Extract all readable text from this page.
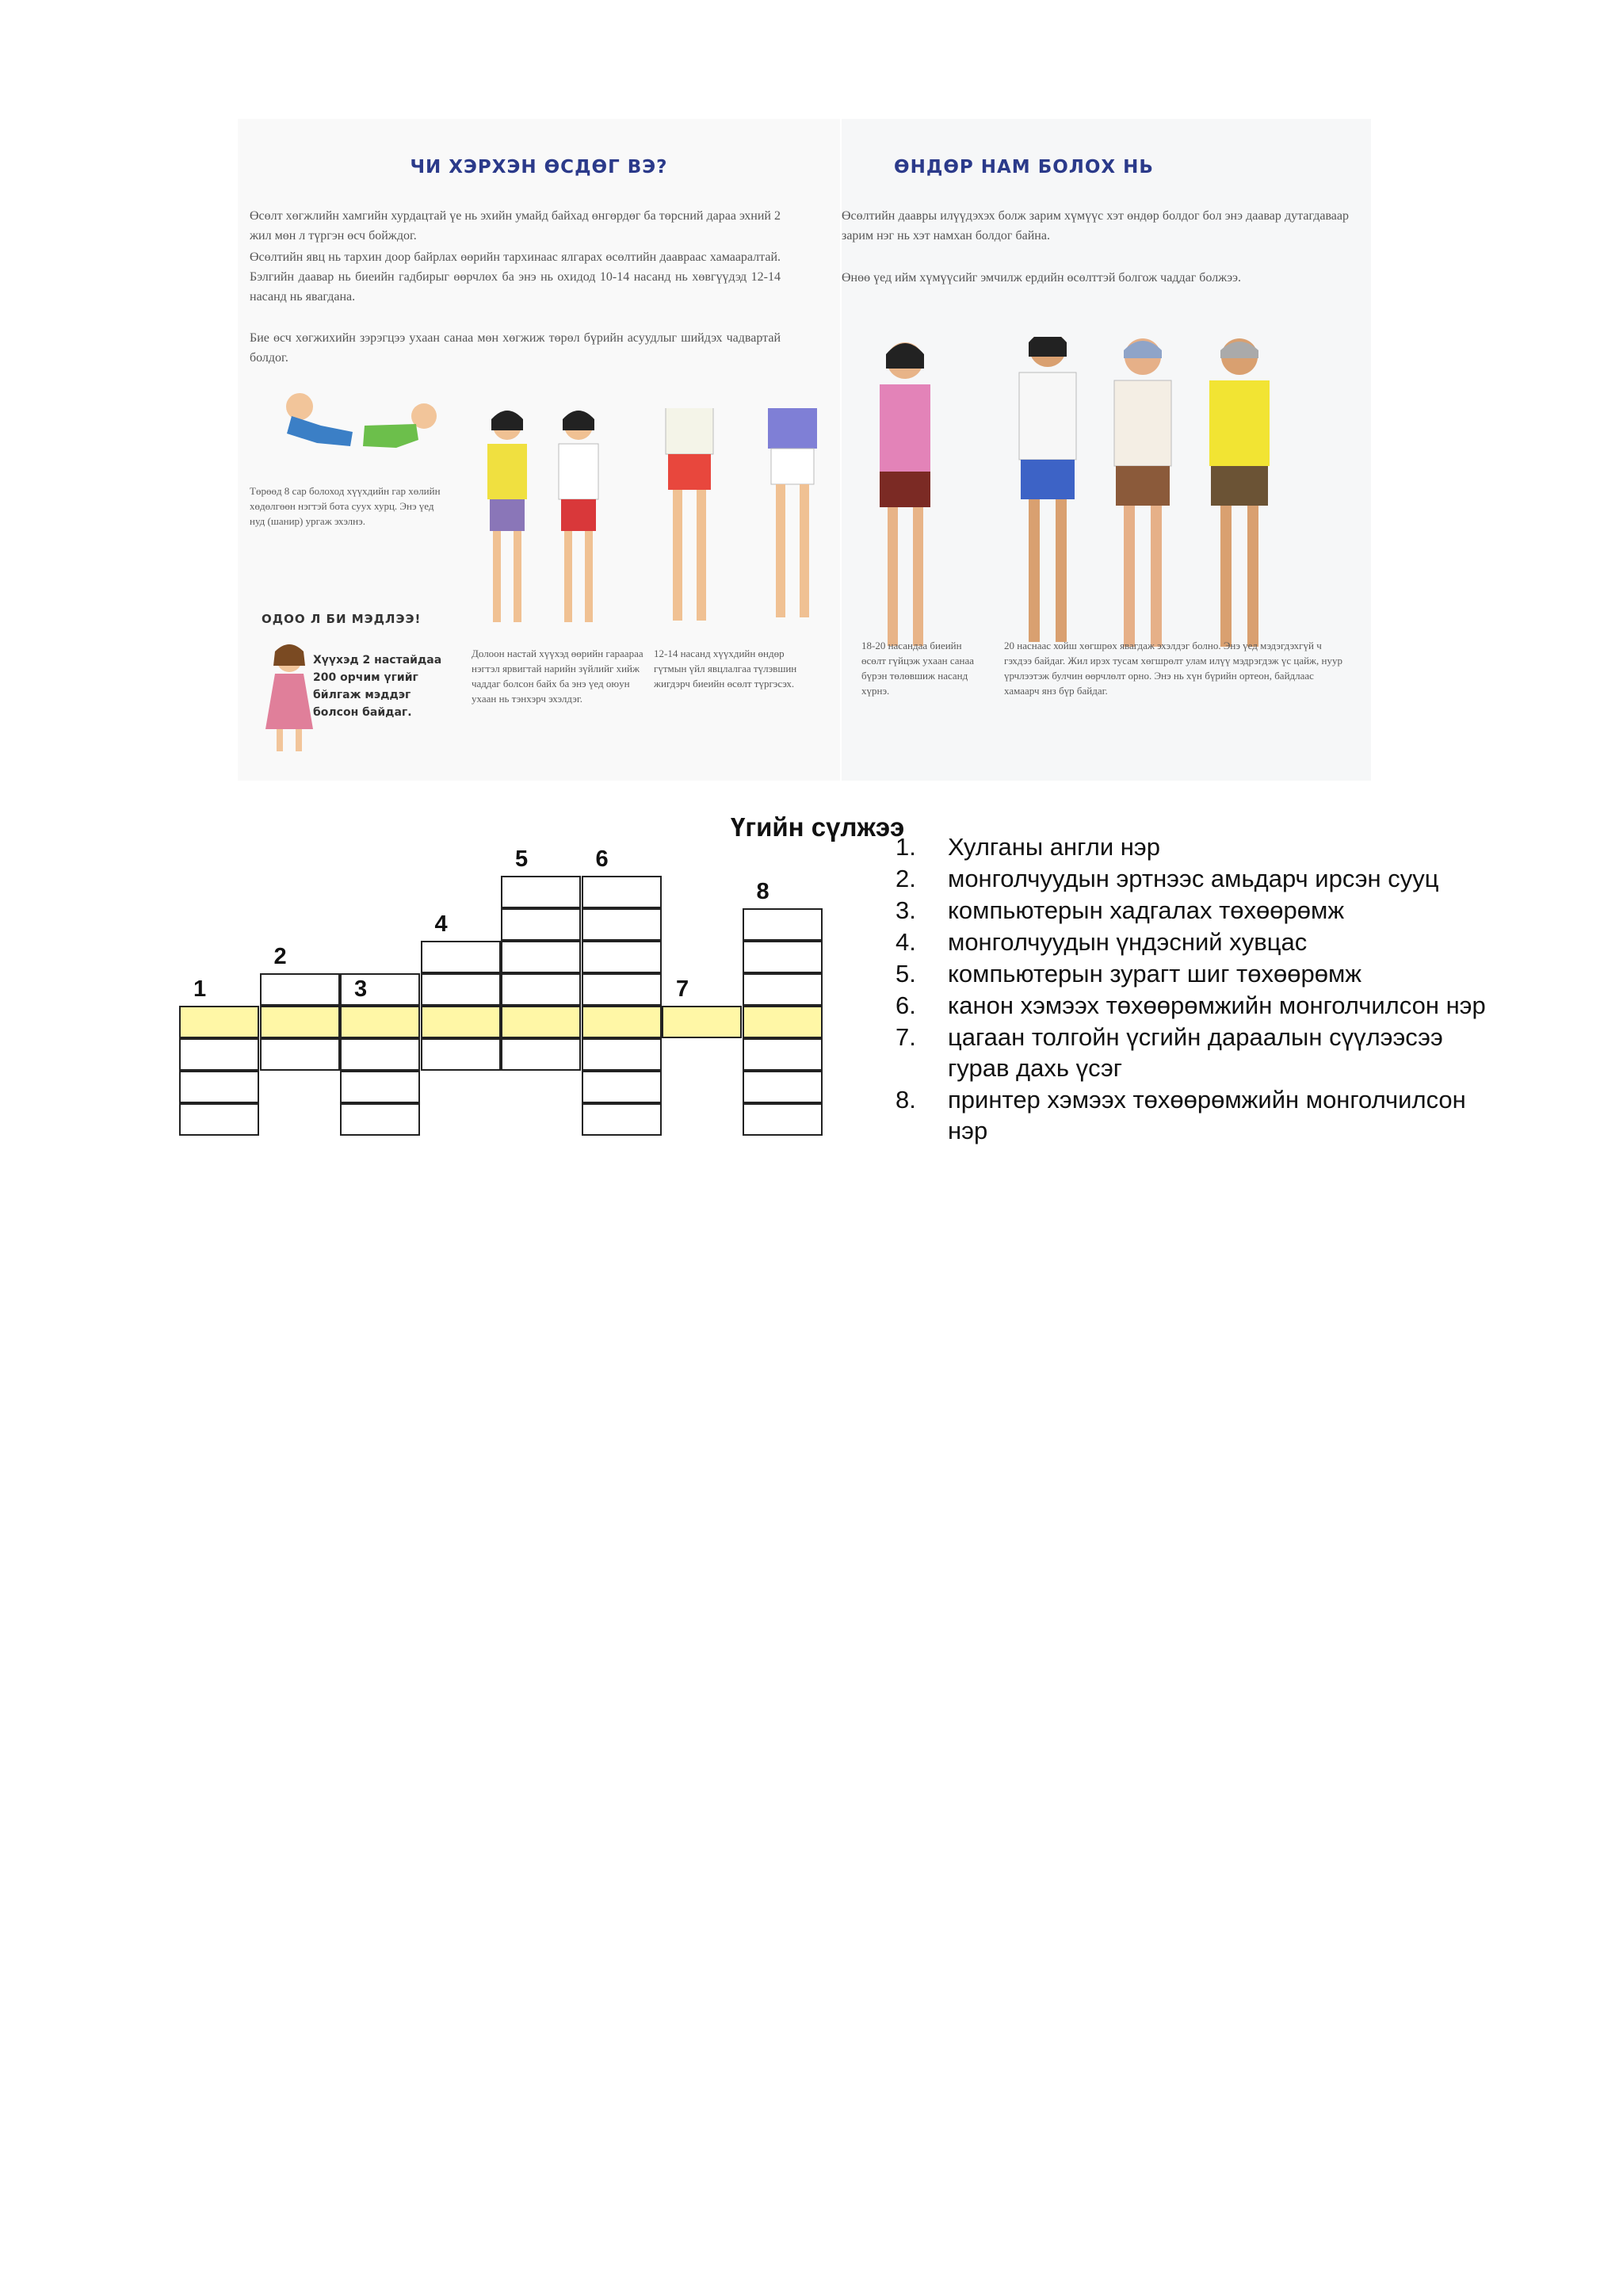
ЧИ ХЭРХЭН ӨСДӨГ ВЭ?
Өсөлт хөгжлийн хамгийн хурдацтай үе нь эхийн умайд байхад өнгөрдөг ба төрсний дараа эхний 2 жил мөн л түргэн өсч бойждог.
Өсөлтийн явц нь тархин доор байрлах өөрийн тархинаас ялгарах өсөлтийн даавраас хамааралтай. Бэлгийн даавар нь биеийн гадбирыг өөрчлөх ба энэ нь охидод 10-14 насанд нь хөвгүүдэд 12-14 насанд нь явагдана.
Бие өсч хөгжихийн зэрэгцээ ухаан санаа мөн хөгжиж төрөл бүрийн асуудлыг шийдэх чадвартай болдог.
Төрөөд 8 сар болоход хүүхдийн гар хөлийн хөдөлгөөн нэгтэй бота суух хурц. Энэ үед нуд (шанир) ургаж эхэлнэ.
ОДОО Л БИ МЭДЛЭЭ!
Хүүхэд 2 настайдаа 200 орчим үгийг бйлгаж мэддэг болсон байдаг.
Долоон настай хүүхэд өөрийн гараараа нэгтэл ярвигтай нарийн зүйлийг хийж чаддаг болсон байх ба энэ үед оюун ухаан нь тэнхэрч эхэлдэг.
12-14 насанд хүүхдийн өндөр гүтмын үйл явцлалгаа түлэвшин жигдэрч биеийн өсөлт түргэсэх.
ӨНДӨР НАМ БОЛОХ НЬ
Өсөлтийн даавры илүүдэхэх болж зарим хүмүүс хэт өндөр болдог бол энэ даавар дутагдаваар зарим нэг нь хэт намхан болдог байна.
Өнөө үед ийм хүмүүсийг эмчилж ердийн өсөлттэй болгож чаддаг болжээ.
18-20 насандаа биеийн өсөлт гүйцэж ухаан санаа бүрэн төлөвшиж насанд хүрнэ.
20 наснаас хойш хөгшрөх явагдаж эхэлдэг болно. Энэ үед мэдэгдэхгүй ч гэхдээ байдаг. Жил ирэх тусам хөгшрөлт улам илүү мэдрэгдэж үс цайж, нуур үрчлээтэж булчин өөрчлөлт орно. Энэ нь хүн бүрийн ортеон, байдлаас хамаарч янз бүр байдаг.
Үгийн сүлжээ
1
2
3
4
5	6
7
8
1. Хулганы англи нэр
2. монголчуудын эртнээс амьдарч ирсэн сууц
3. компьютерын хадгалах төхөөрөмж
4. монголчуудын үндэсний хувцас
5. компьютерын зурагт шиг төхөөрөмж
6. канон хэмээх төхөөрөмжийн монголчилсон нэр
7. цагаан толгойн үсгийн дараалын сүүлээсээ гурав дахь үсэг
8. принтер хэмээх төхөөрөмжийн монголчилсон нэр
